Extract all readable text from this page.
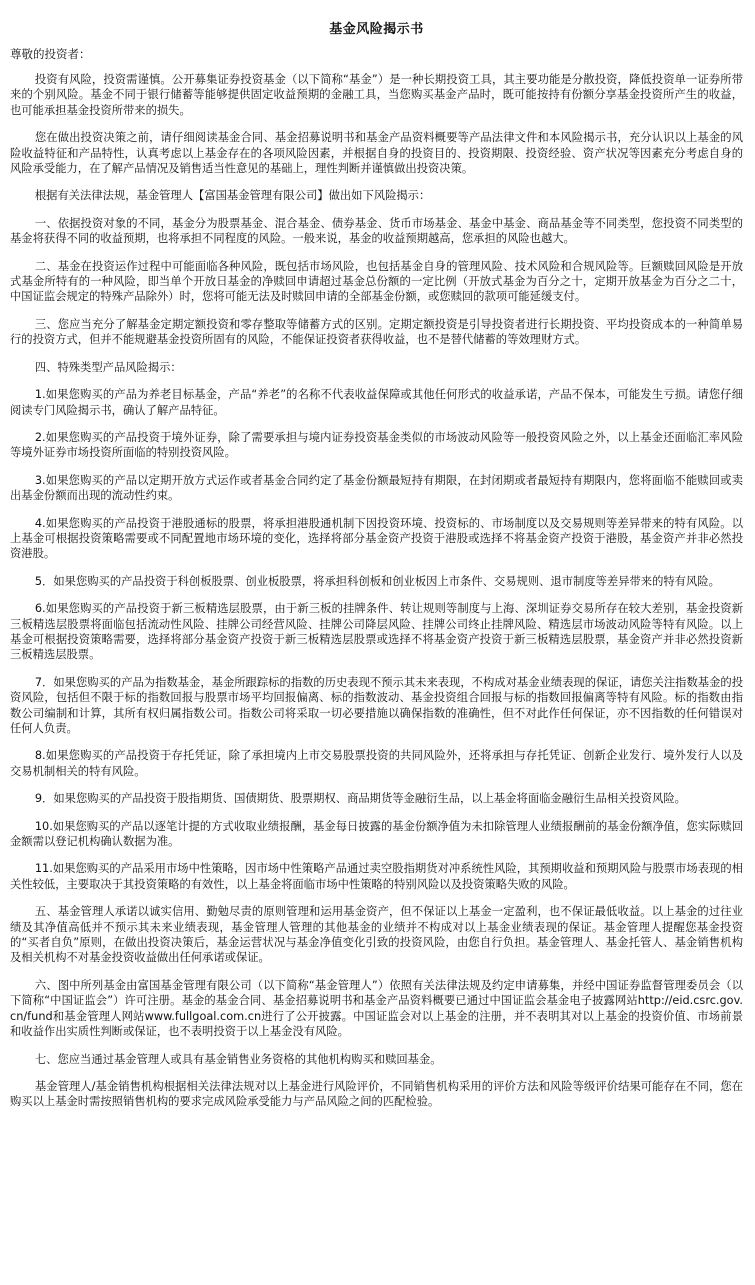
基金风险揭示书
尊敬的投资者：

投资有风险，投资需谨慎。公开募集证券投资基金（以下简称“基金”）是一种长期投资工具，其主要功能是分散投资，降低投资单一证券所带来的个别风险。基金不同于银行储蓄等能够提供固定收益预期的金融工具，当您购买基金产品时，既可能按持有份额分享基金投资所产生的收益，也可能承担基金投资所带来的损失。

您在做出投资决策之前，请仔细阅读基金合同、基金招募说明书和基金产品资料概要等产品法律文件和本风险揭示书，充分认识以上基金的风险收益特征和产品特性，认真考虑以上基金存在的各项风险因素，并根据自身的投资目的、投资期限、投资经验、资产状况等因素充分考虑自身的风险承受能力，在了解产品情况及销售适当性意见的基础上，理性判断并谨慎做出投资决策。

根据有关法律法规，基金管理人【富国基金管理有限公司】做出如下风险揭示：

一、依据投资对象的不同，基金分为股票基金、混合基金、债券基金、货币市场基金、基金中基金、商品基金等不同类型，您投资不同类型的基金将获得不同的收益预期，也将承担不同程度的风险。一般来说，基金的收益预期越高，您承担的风险也越大。

二、基金在投资运作过程中可能面临各种风险，既包括市场风险，也包括基金自身的管理风险、技术风险和合规风险等。巨额赎回风险是开放式基金所特有的一种风险，即当单个开放日基金的净赎回申请超过基金总份额的一定比例（开放式基金为百分之十，定期开放基金为百分之二十，中国证监会规定的特殊产品除外）时，您将可能无法及时赎回申请的全部基金份额，或您赎回的款项可能延缓支付。

三、您应当充分了解基金定期定额投资和零存整取等储蓄方式的区别。定期定额投资是引导投资者进行长期投资、平均投资成本的一种简单易行的投资方式，但并不能规避基金投资所固有的风险，不能保证投资者获得收益，也不是替代储蓄的等效理财方式。

四、特殊类型产品风险揭示：

1.如果您购买的产品为养老目标基金，产品“养老”的名称不代表收益保障或其他任何形式的收益承诺，产品不保本，可能发生亏损。请您仔细阅读专门风险揭示书，确认了解产品特征。

2.如果您购买的产品投资于境外证券，除了需要承担与境内证券投资基金类似的市场波动风险等一般投资风险之外，以上基金还面临汇率风险等境外证券市场投资所面临的特别投资风险。

3.如果您购买的产品以定期开放方式运作或者基金合同约定了基金份额最短持有期限，在封闭期或者最短持有期限内，您将面临不能赎回或卖出基金份额而出现的流动性约束。

4.如果您购买的产品投资于港股通标的股票，将承担港股通机制下因投资环境、投资标的、市场制度以及交易规则等差异带来的特有风险。以上基金可根据投资策略需要或不同配置地市场环境的变化，选择将部分基金资产投资于港股或选择不将基金资产投资于港股，基金资产并非必然投资港股。

5．如果您购买的产品投资于科创板股票、创业板股票，将承担科创板和创业板因上市条件、交易规则、退市制度等差异带来的特有风险。

6.如果您购买的产品投资于新三板精选层股票，由于新三板的挂牌条件、转让规则等制度与上海、深圳证券交易所存在较大差别，基金投资新三板精选层股票将面临包括流动性风险、挂牌公司经营风险、挂牌公司降层风险、挂牌公司终止挂牌风险、精选层市场波动风险等特有风险。以上基金可根据投资策略需要，选择将部分基金资产投资于新三板精选层股票或选择不将基金资产投资于新三板精选层股票，基金资产并非必然投资新三板精选层股票。

7．如果您购买的产品为指数基金，基金所跟踪标的指数的历史表现不预示其未来表现，不构成对基金业绩表现的保证，请您关注指数基金的投资风险，包括但不限于标的指数回报与股票市场平均回报偏离、标的指数波动、基金投资组合回报与标的指数回报偏离等特有风险。标的指数由指数公司编制和计算，其所有权归属指数公司。指数公司将采取一切必要措施以确保指数的准确性，但不对此作任何保证，亦不因指数的任何错误对任何人负责。

8.如果您购买的产品投资于存托凭证，除了承担境内上市交易股票投资的共同风险外，还将承担与存托凭证、创新企业发行、境外发行人以及交易机制相关的特有风险。

9．如果您购买的产品投资于股指期货、国债期货、股票期权、商品期货等金融衍生品，以上基金将面临金融衍生品相关投资风险。

10.如果您购买的产品以逐笔计提的方式收取业绩报酬，基金每日披露的基金份额净值为未扣除管理人业绩报酬前的基金份额净值，您实际赎回金额需以登记机构确认数据为准。

11.如果您购买的产品采用市场中性策略，因市场中性策略产品通过卖空股指期货对冲系统性风险，其预期收益和预期风险与股票市场表现的相关性较低，主要取决于其投资策略的有效性，以上基金将面临市场中性策略的特别风险以及投资策略失败的风险。

五、基金管理人承诺以诚实信用、勤勉尽责的原则管理和运用基金资产，但不保证以上基金一定盈利，也不保证最低收益。以上基金的过往业绩及其净值高低并不预示其未来业绩表现，基金管理人管理的其他基金的业绩并不构成对以上基金业绩表现的保证。基金管理人提醒您基金投资的“买者自负”原则，在做出投资决策后，基金运营状况与基金净值变化引致的投资风险，由您自行负担。基金管理人、基金托管人、基金销售机构及相关机构不对基金投资收益做出任何承诺或保证。

六、图中所列基金由富国基金管理有限公司（以下简称“基金管理人”）依照有关法律法规及约定申请募集，并经中国证券监督管理委员会（以下简称“中国证监会”）许可注册。基金的基金合同、基金招募说明书和基金产品资料概要已通过中国证监会基金电子披露网站http://eid.csrc.gov.cn/fund和基金管理人网站www.fullgoal.com.cn进行了公开披露。中国证监会对以上基金的注册，并不表明其对以上基金的投资价值、市场前景和收益作出实质性判断或保证，也不表明投资于以上基金没有风险。

七、您应当通过基金管理人或具有基金销售业务资格的其他机构购买和赎回基金。

基金管理人/基金销售机构根据相关法律法规对以上基金进行风险评价，不同销售机构采用的评价方法和风险等级评价结果可能存在不同，您在购买以上基金时需按照销售机构的要求完成风险承受能力与产品风险之间的匹配检验。
